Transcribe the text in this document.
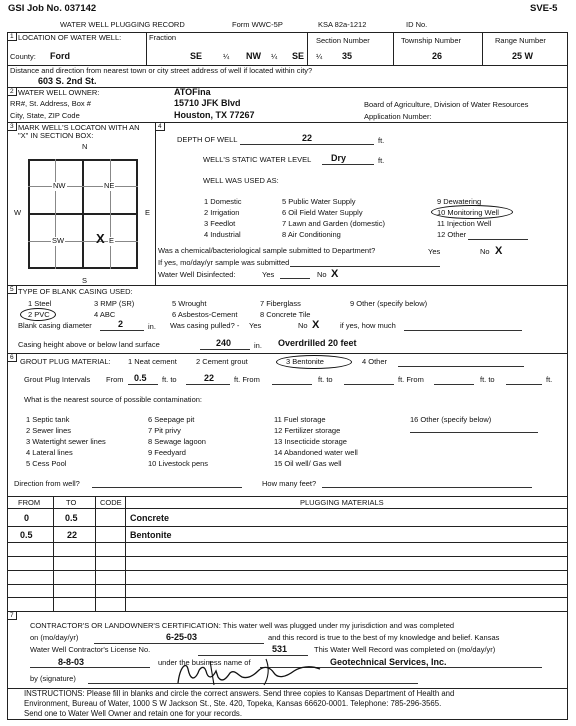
GSI Job No. 037142	SVE-5
WATER WELL PLUGGING RECORD	Form WWC-5P	KSA 82a-1212	ID No.
1 LOCATION OF WATER WELL:	Fraction	Section Number	Township Number	Range Number
County: Ford	SE	¼ NW ¼ SE ¼ 35	26	25 W
Distance and direction from nearest town or city street address of well if located within city?
603 S. 2nd St.
2 WATER WELL OWNER:	ATOFina
RR#, St. Address, Box #	15710 JFK Blvd	Board of Agriculture, Division of Water Resources
City, State, ZIP Code	Houston, TX 77267	Application Number:
3 MARK WELL'S LOCATON WITH AN
"X" IN SECTION BOX:
N
S
W	E
NW	NE
SW	E
X
4
DEPTH OF WELL	22	ft.
WELL'S STATIC WATER LEVEL Dry	ft.
WELL WAS USED AS:
1 Domestic
2 Irrigation
3 Feedlot
4 Industrial
5 Public Water Supply
6 Oil Field Water Supply
7 Lawn and Garden (domestic)
8 Air Conditioning
9 Dewatering
10 Monitoring Well
11 Injection Well
12 Other
Was a chemical/bacteriological sample submitted to Department?	Yes	No X
If yes, mo/day/yr sample was submitted
Water Well Disinfected:	Yes	No X
5 TYPE OF BLANK CASING USED:
1 Steel
2 PVC
3 RMP (SR)
4 ABC
5 Wrought
6 Asbestos-Cement
7 Fiberglass
8 Concrete Tile
9 Other (specify below)
Blank casing diameter	2	in. Was casing pulled? - Yes	No X	if yes, how much
Casing height above or below land surface	240	in. Overdrilled 20 feet
6 GROUT PLUG MATERIAL: 1 Neat cement	2 Cement grout	3 Bentonite	4 Other
Grout Plug Intervals From 0.5 ft. to	22	ft. From	ft. to	ft. From	ft. to	ft.
What is the nearest source of possible contamination:
1 Septic tank
2 Sewer lines
3 Watertight sewer lines
4 Lateral lines
5 Cess Pool
6 Seepage pit
7 Pit privy
8 Sewage lagoon
9 Feedyard
10 Livestock pens
11 Fuel storage
12 Fertilizer storage
13 Insecticide storage
14 Abandoned water well
15 Oil well/ Gas well
16 Other (specify below)
Direction from well?	How many feet?
FROM	TO	CODE	PLUGGING MATERIALS
0	0.5	Concrete
0.5	22	Bentonite
7
CONTRACTOR'S OR LANDOWNER'S CERTIFICATION: This water well was plugged under my jurisdiction and was completed
on (mo/day/yr)	6-25-03	and this record is true to the best of my knowledge and belief. Kansas
Water Well Contractor's License No.	531	This Water Well Record was completed on (mo/day/yr)
8-8-03	under the business name of	Geotechnical Services, Inc.
by (signature)
INSTRUCTIONS: Please fill in blanks and circle the correct answers. Send three copies to Kansas Department of Health and
Environment, Bureau of Water, 1000 S W Jackson St., Ste. 420, Topeka, Kansas 66620-0001. Telephone: 785-296-3565.
Send one to Water Well Owner and retain one for your records.
